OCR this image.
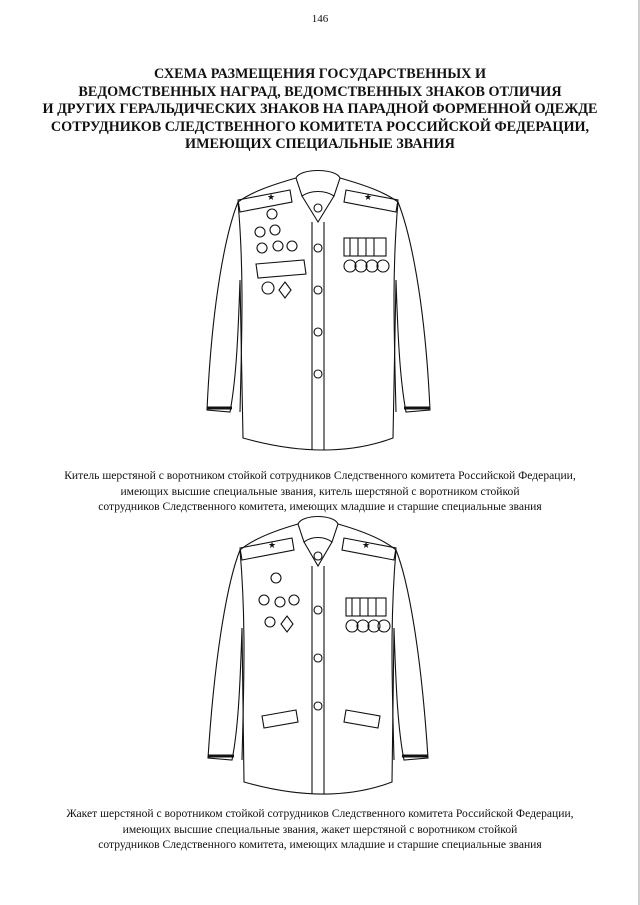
146
СХЕМА РАЗМЕЩЕНИЯ ГОСУДАРСТВЕННЫХ И
ВЕДОМСТВЕННЫХ НАГРАД, ВЕДОМСТВЕННЫХ ЗНАКОВ ОТЛИЧИЯ
И ДРУГИХ ГЕРАЛЬДИЧЕСКИХ ЗНАКОВ НА ПАРАДНОЙ ФОРМЕННОЙ ОДЕЖДЕ
СОТРУДНИКОВ СЛЕДСТВЕННОГО КОМИТЕТА РОССИЙСКОЙ ФЕДЕРАЦИИ,
ИМЕЮЩИХ СПЕЦИАЛЬНЫЕ ЗВАНИЯ
★	★
Китель шерстяной с воротником стойкой сотрудников Следственного комитета Российской Федерации,
имеющих высшие специальные звания, китель шерстяной с воротником стойкой
сотрудников Следственного комитета, имеющих младшие и старшие специальные звания
★	★
Жакет шерстяной с воротником стойкой сотрудников Следственного комитета Российской Федерации,
имеющих высшие специальные звания, жакет шерстяной с воротником стойкой
сотрудников Следственного комитета, имеющих младшие и старшие специальные звания
